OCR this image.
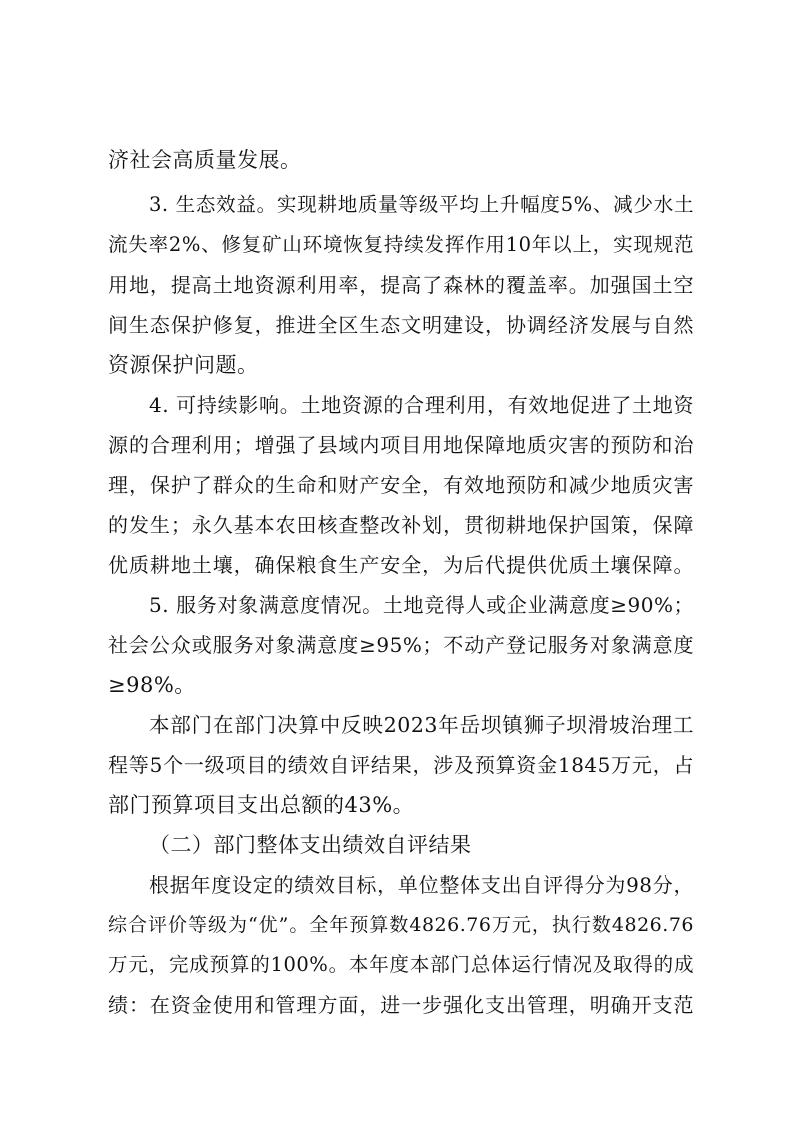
济社会高质量发展。
3. 生态效益。实现耕地质量等级平均上升幅度5%、减少水土
流失率2%、修复矿山环境恢复持续发挥作用10年以上，实现规范
用地，提高土地资源利用率，提高了森林的覆盖率。加强国土空
间生态保护修复，推进全区生态文明建设，协调经济发展与自然
资源保护问题。
4. 可持续影响。土地资源的合理利用，有效地促进了土地资
源的合理利用；增强了县域内项目用地保障地质灾害的预防和治
理，保护了群众的生命和财产安全，有效地预防和减少地质灾害
的发生；永久基本农田核查整改补划，贯彻耕地保护国策，保障
优质耕地土壤，确保粮食生产安全，为后代提供优质土壤保障。
5. 服务对象满意度情况。土地竞得人或企业满意度≥90%；
社会公众或服务对象满意度≥95%；不动产登记服务对象满意度
≥98%。
本部门在部门决算中反映2023年岳坝镇狮子坝滑坡治理工
程等5个一级项目的绩效自评结果，涉及预算资金1845万元，占
部门预算项目支出总额的43%。
（二）部门整体支出绩效自评结果
根据年度设定的绩效目标，单位整体支出自评得分为98分，
综合评价等级为“优”。全年预算数4826.76万元，执行数4826.76
万元，完成预算的100%。本年度本部门总体运行情况及取得的成
绩：在资金使用和管理方面，进一步强化支出管理，明确开支范
